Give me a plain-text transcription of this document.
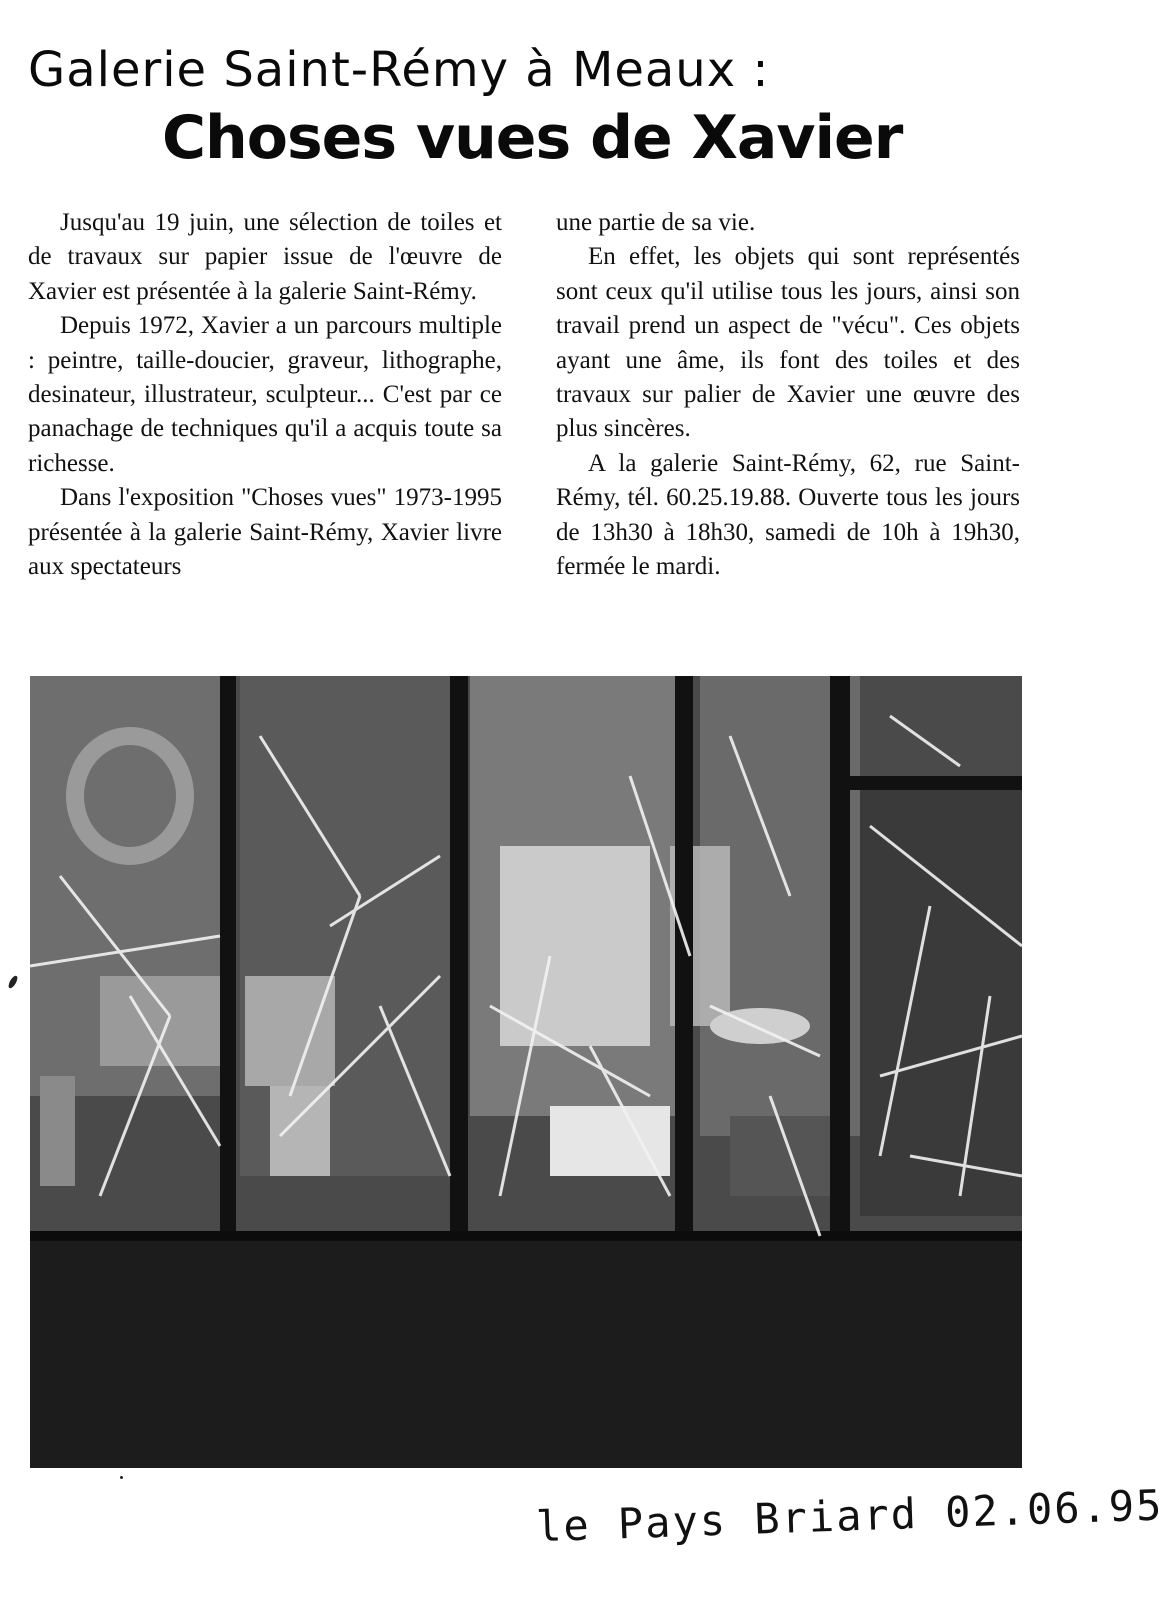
Galerie Saint-Rémy à Meaux :
Choses vues de Xavier

Jusqu'au 19 juin, une sélection de toiles et de travaux sur papier issue de l'œuvre de Xavier est présentée à la galerie Saint-Rémy.

Depuis 1972, Xavier a un parcours multiple : peintre, taille-doucier, graveur, lithographe, desinateur, illustrateur, sculpteur... C'est par ce panachage de techniques qu'il a acquis toute sa richesse.

Dans l'exposition "Choses vues" 1973-1995 présentée à la galerie Saint-Rémy, Xavier livre aux spectateurs

une partie de sa vie.

En effet, les objets qui sont représentés sont ceux qu'il utilise tous les jours, ainsi son travail prend un aspect de "vécu". Ces objets ayant une âme, ils font des toiles et des travaux sur palier de Xavier une œuvre des plus sincères.

A la galerie Saint-Rémy, 62, rue Saint-Rémy, tél. 60.25.19.88. Ouverte tous les jours de 13h30 à 18h30, samedi de 10h à 19h30, fermée le mardi.

le Pays Briard 02.06.95
